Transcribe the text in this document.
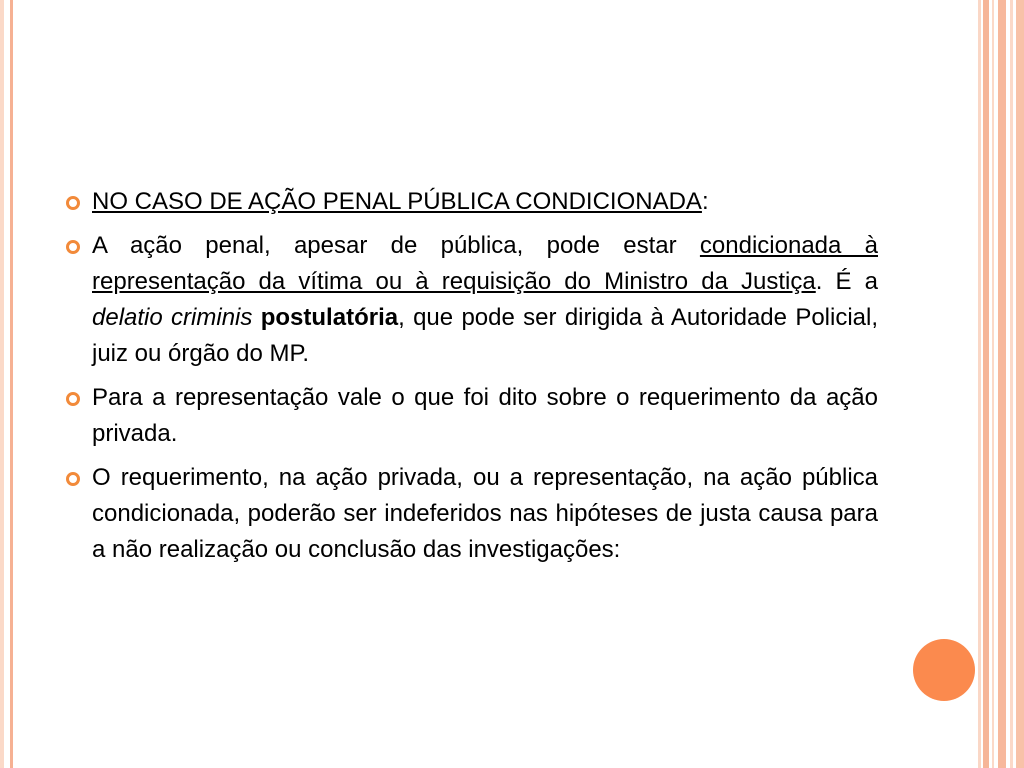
NO CASO DE AÇÃO PENAL PÚBLICA CONDICIONADA:
A ação penal, apesar de pública, pode estar condicionada à representação da vítima ou à requisição do Ministro da Justiça. É a delatio criminis postulatória, que pode ser dirigida à Autoridade Policial, juiz ou órgão do MP.
Para a representação vale o que foi dito sobre o requerimento da ação privada.
O requerimento, na ação privada, ou a representação, na ação pública condicionada, poderão ser indeferidos nas hipóteses de justa causa para a não realização ou conclusão das investigações:
